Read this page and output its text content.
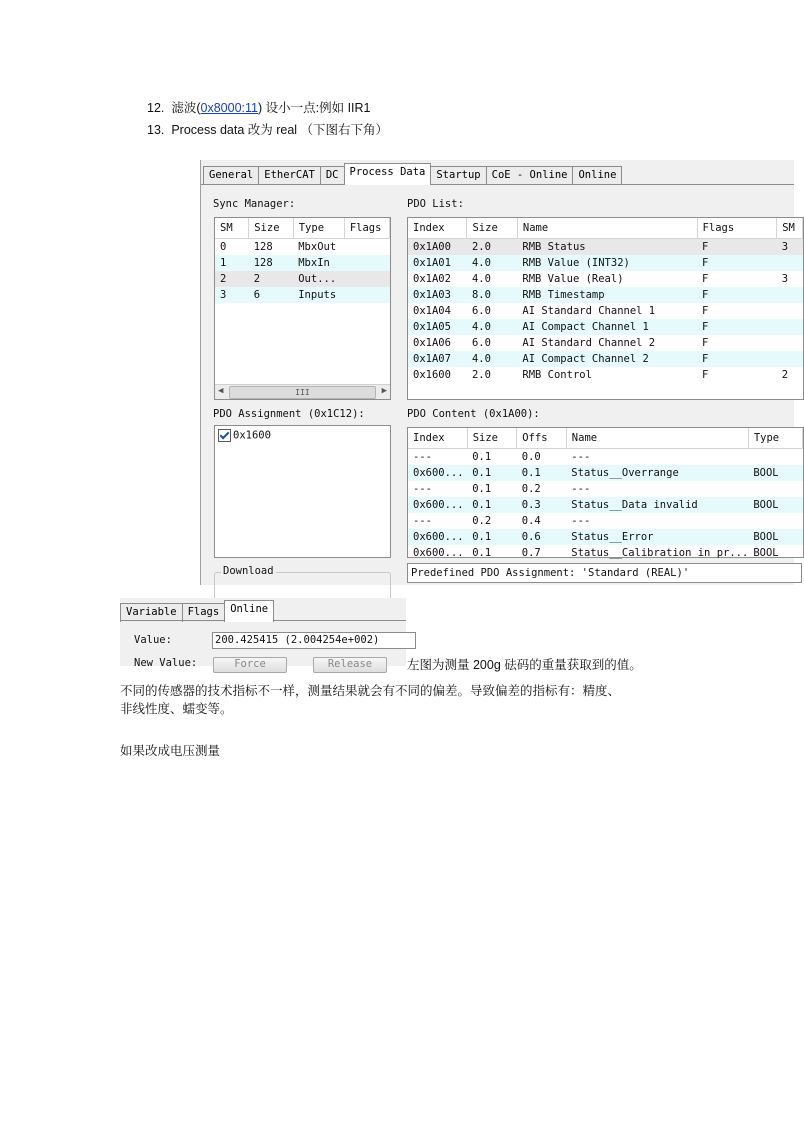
12. 滤波(0x8000:11) 设小一点:例如 IIR1
13. Process data 改为 real （下图右下角）
General	EtherCAT	DC	Process Data	Startup	CoE - Online	Online
Sync Manager:
SM	Size	Type	Flags
0	128	MbxOut	
1	128	MbxIn	
2	2	Out...	
3	6	Inputs	
◀	III	▶
PDO List:
Index	Size	Name	Flags	SM
0x1A00	2.0	RMB Status	F	3
0x1A01	4.0	RMB Value (INT32)	F	
0x1A02	4.0	RMB Value (Real)	F	3
0x1A03	8.0	RMB Timestamp	F	
0x1A04	6.0	AI Standard Channel 1	F	
0x1A05	4.0	AI Compact Channel 1	F	
0x1A06	6.0	AI Standard Channel 2	F	
0x1A07	4.0	AI Compact Channel 2	F	
0x1600	2.0	RMB Control	F	2
PDO Assignment (0x1C12):
0x1600
PDO Content (0x1A00):
Index	Size	Offs	Name	Type
---	0.1	0.0	---	
0x600...	0.1	0.1	Status__Overrange	BOOL
---	0.1	0.2	---	
0x600...	0.1	0.3	Status__Data invalid	BOOL
---	0.2	0.4	---	
0x600...	0.1	0.6	Status__Error	BOOL
0x600...	0.1	0.7	Status__Calibration in pr...	BOOL
Download	Predefined PDO Assignment: 'Standard (REAL)'
Variable	Flags	Online
Value:	200.425415 (2.004254e+002)
New Value:	Force	Release	左图为测量 200g 砝码的重量获取到的值。
不同的传感器的技术指标不一样，测量结果就会有不同的偏差。导致偏差的指标有：精度、
非线性度、蠕变等。
如果改成电压测量
